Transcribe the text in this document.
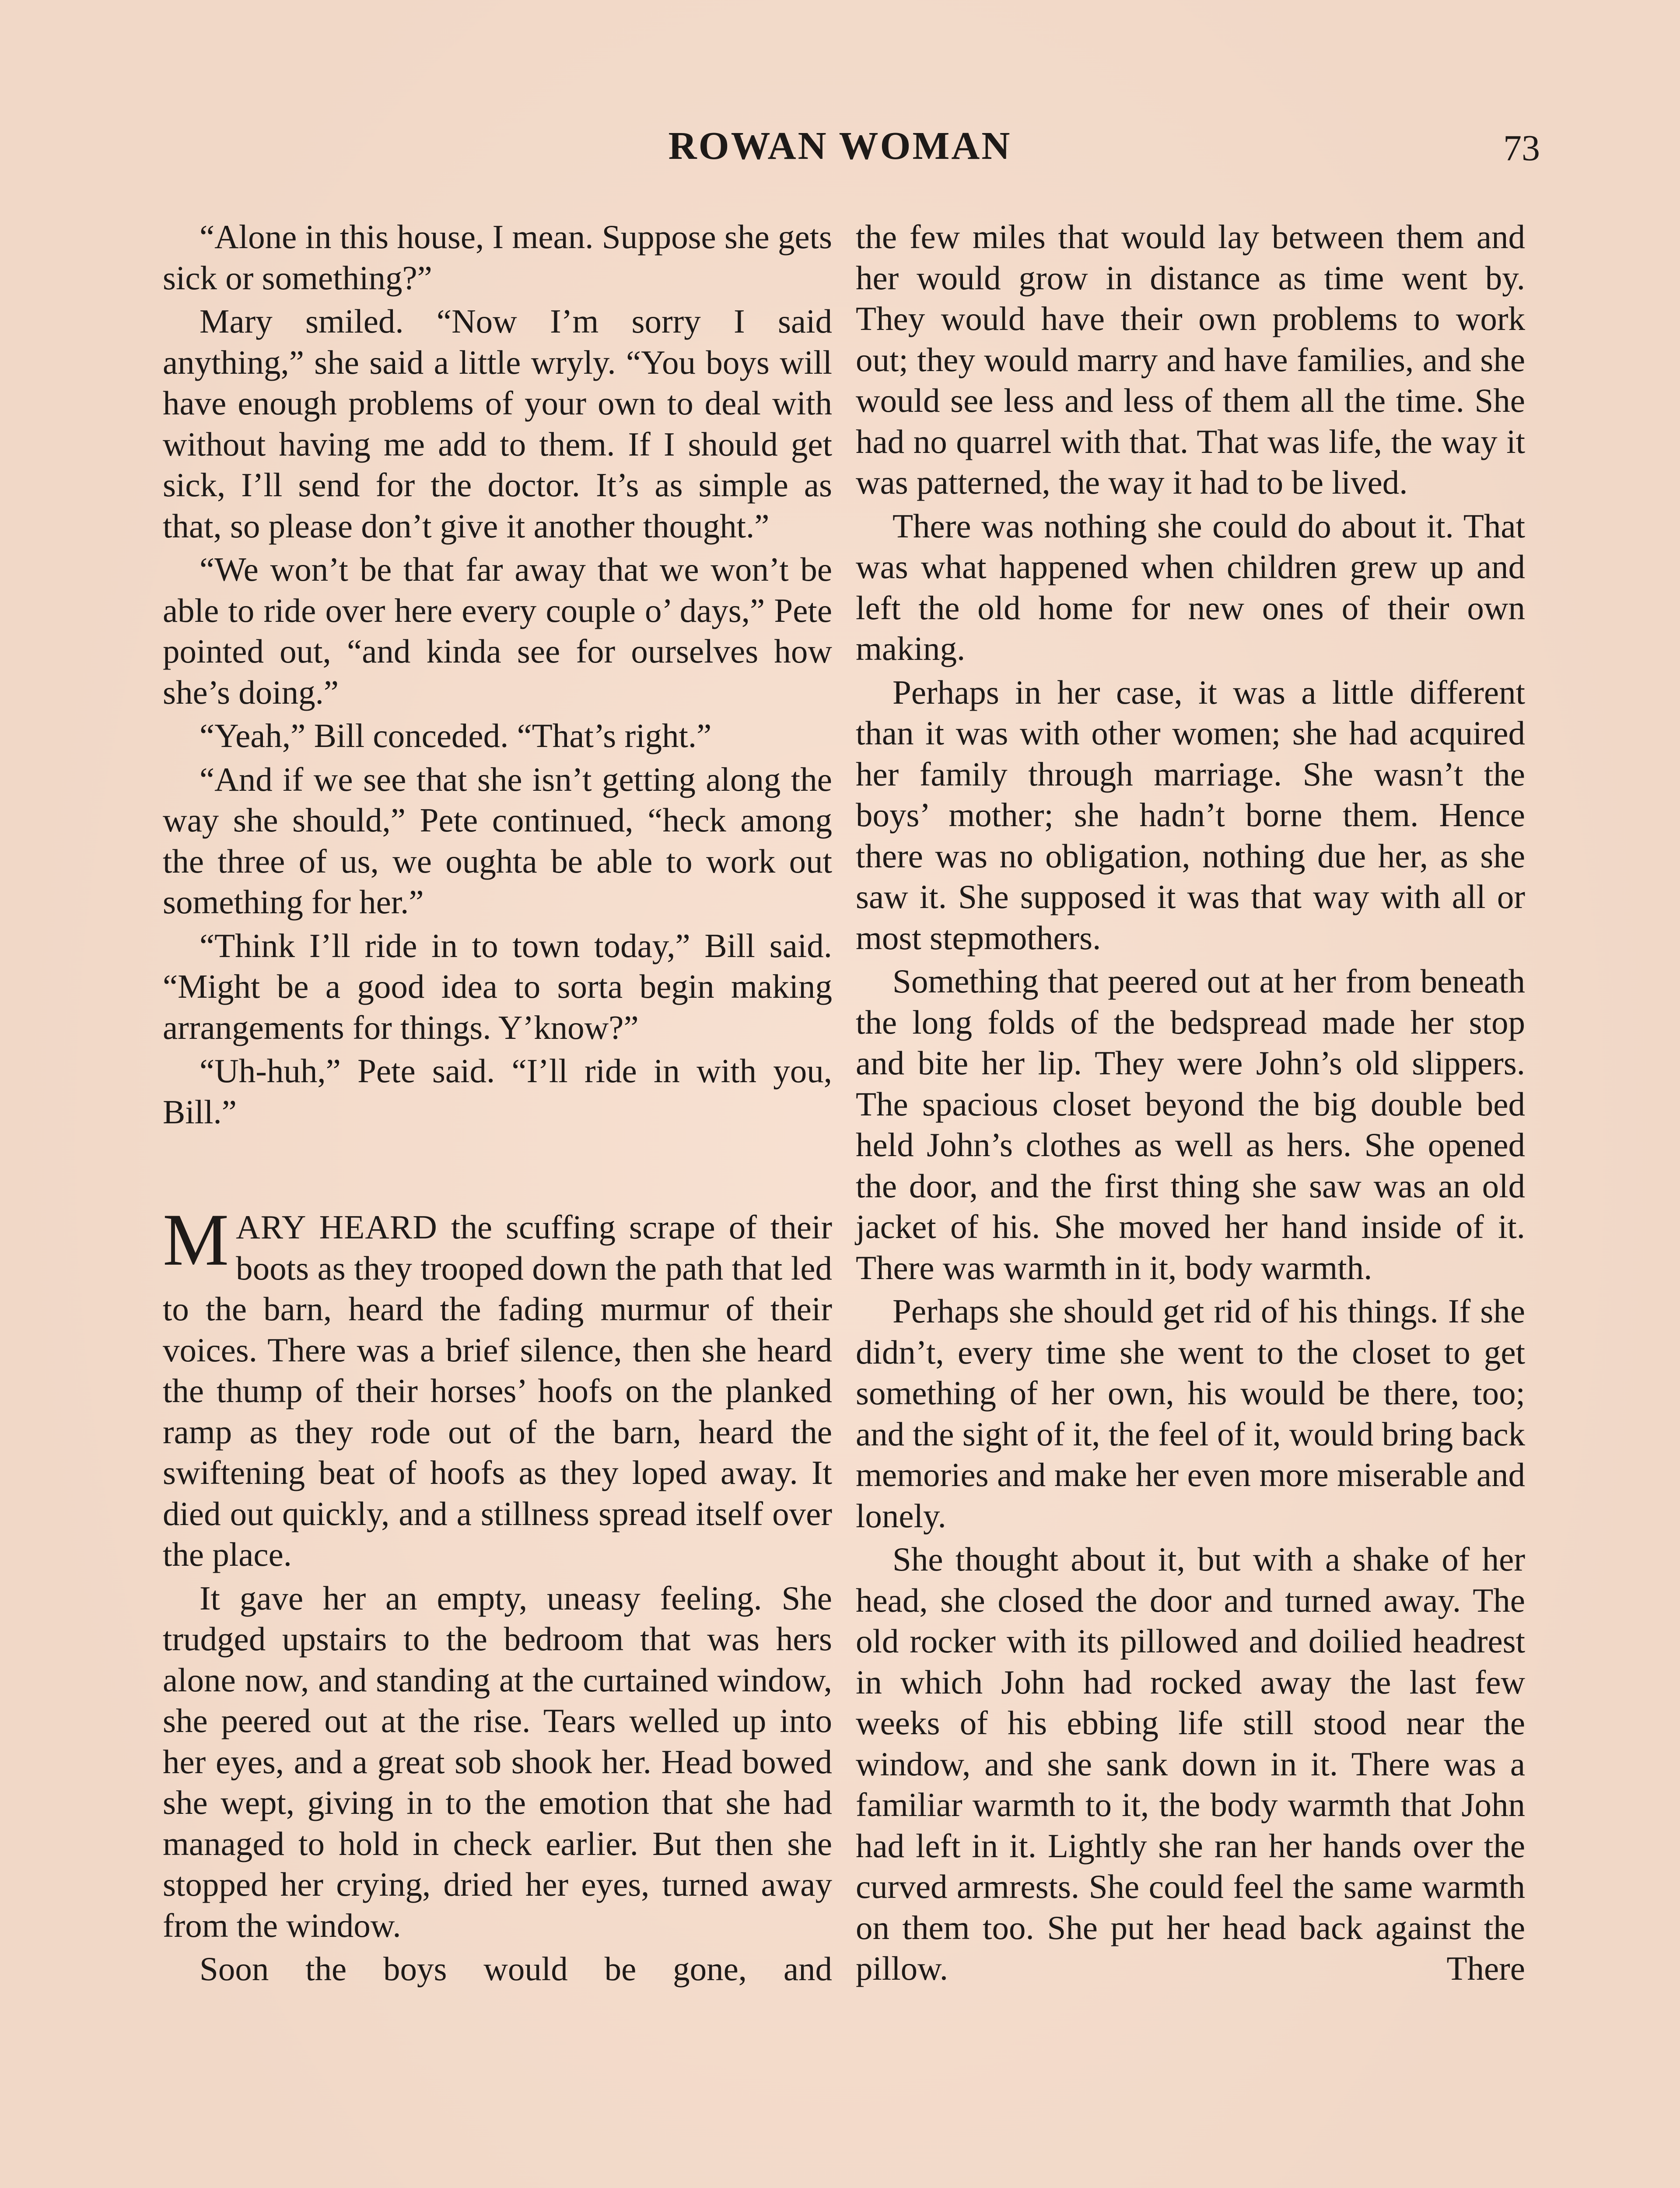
ROWAN WOMAN	73

“Alone in this house, I mean. Suppose she gets sick or something?”

Mary smiled. “Now I’m sorry I said anything,” she said a little wryly. “You boys will have enough problems of your own to deal with without having me add to them. If I should get sick, I’ll send for the doctor. It’s as simple as that, so please don’t give it another thought.”

“We won’t be that far away that we won’t be able to ride over here every couple o’ days,” Pete pointed out, “and kinda see for ourselves how she’s doing.”

“Yeah,” Bill conceded. “That’s right.”

“And if we see that she isn’t getting along the way she should,” Pete continued, “heck among the three of us, we oughta be able to work out something for her.”

“Think I’ll ride in to town today,” Bill said. “Might be a good idea to sorta begin making arrangements for things. Y’know?”

“Uh-huh,” Pete said. “I’ll ride in with you, Bill.”

MARY HEARD the scuffing scrape of their boots as they trooped down the path that led to the barn, heard the fading murmur of their voices. There was a brief silence, then she heard the thump of their horses’ hoofs on the planked ramp as they rode out of the barn, heard the swiftening beat of hoofs as they loped away. It died out quickly, and a stillness spread itself over the place.

It gave her an empty, uneasy feeling. She trudged upstairs to the bedroom that was hers alone now, and standing at the curtained window, she peered out at the rise. Tears welled up into her eyes, and a great sob shook her. Head bowed she wept, giving in to the emotion that she had managed to hold in check earlier. But then she stopped her crying, dried her eyes, turned away from the window.

Soon the boys would be gone, and

the few miles that would lay between them and her would grow in distance as time went by. They would have their own problems to work out; they would marry and have families, and she would see less and less of them all the time. She had no quarrel with that. That was life, the way it was patterned, the way it had to be lived.

There was nothing she could do about it. That was what happened when children grew up and left the old home for new ones of their own making.

Perhaps in her case, it was a little different than it was with other women; she had acquired her family through marriage. She wasn’t the boys’ mother; she hadn’t borne them. Hence there was no obligation, nothing due her, as she saw it. She supposed it was that way with all or most stepmothers.

Something that peered out at her from beneath the long folds of the bedspread made her stop and bite her lip. They were John’s old slippers. The spacious closet beyond the big double bed held John’s clothes as well as hers. She opened the door, and the first thing she saw was an old jacket of his. She moved her hand inside of it. There was warmth in it, body warmth.

Perhaps she should get rid of his things. If she didn’t, every time she went to the closet to get something of her own, his would be there, too; and the sight of it, the feel of it, would bring back memories and make her even more miserable and lonely.

She thought about it, but with a shake of her head, she closed the door and turned away. The old rocker with its pillowed and doilied headrest in which John had rocked away the last few weeks of his ebbing life still stood near the window, and she sank down in it. There was a familiar warmth to it, the body warmth that John had left in it. Lightly she ran her hands over the curved armrests. She could feel the same warmth on them too. She put her head back against the pillow. There
